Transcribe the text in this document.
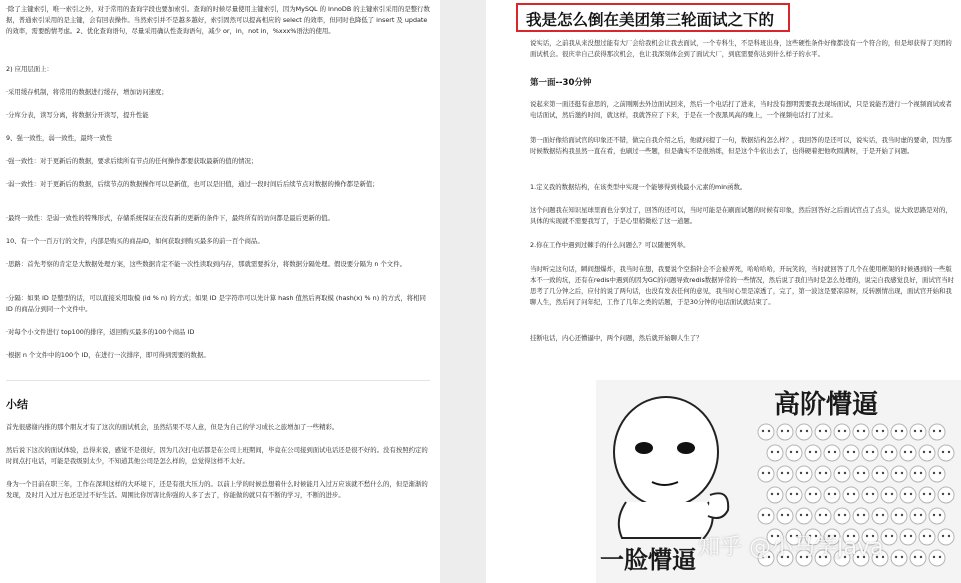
·除了主键索引，唯一索引之外，对于常用的查询字段也要加索引。查询的时候尽量使用主键索引，因为MySQL 的 InnoDB 的主键索引采用的是整行数据，普通索引采用的是主键，会有回表操作。当然索引并不是越多越好，索引固然可以提高相应的 select 的效率，但同时也降低了 insert 及 update 的效率，需要酌情考虑。2、优化查询语句，尽量采用确认性查询语句，减少 or，in，not in，%xxx%语法的使用。

2) 应用层面上：

·采用缓存机制，将常用的数据进行缓存，增加访问速度；

·分库分表，读写分离，将数据分开读写，提升性能

9、强一致性，弱一致性，最终一致性

·强一致性：对于更新后的数据，要求后续所有节点的任何操作都要获取最新的值的情况；

·弱一致性：对于更新后的数据，后续节点的数据操作可以是新值，也可以是旧值，通过一段时间后后续节点对数据的操作都是新值；

·最终一致性：是弱一致性的特殊形式，存储系统保证在没有新的更新的条件下，最终所有的访问都是最后更新的值。

10、有一个一百万行的文件，内部是购买的商品ID，如何获取到购买最多的前一百个商品。

·思路：首先考察的肯定是大数据处理方案，这些数据肯定不能一次性读取到内存，那就需要拆分，将数据分隔处理。假设要分隔为 n 个文件。

·分隔：如果 ID 是整型的话，可以直接采用取模 (id % n) 的方式；如果 ID 是字符串可以先计算 hash 值然后再取模 (hash(x) % n) 的方式，将相同 ID 的商品分到同一个文件中。

·对每个小文件进行 top100的排序，返回购买最多的100个商品 ID

·根据 n 个文件中的100个 ID，在进行一次排序，即可得到需要的数据。

小结

首先很感谢内推的那个朋友才有了这次的面试机会，虽然结果不尽人意，但是为自己的学习成长之旅增加了一些精彩。

然后说下这次的面试体验，总得来说，感觉不是很好，因为几次打电话都是在公司上班期间，毕竟在公司接到面试电话还是很不好的。没有按照约定的时间点打电话，可能是我级别太少，不知道其他公司是怎么样的，总觉得这样不太好。

身为一个目前在职三年，工作在深圳这样的大环境下，还是有很大压力的。以前上学的时候总想着什么时候能月入过万应该就不愁什么的，但是渐渐的发现，及时月入过万也还是过不好生活。周围比你厉害比你强的人多了去了，你能做的就只有不断的学习，不断的进步。

我是怎么倒在美团第三轮面试之下的

说实话，之前我从来没想过能有大厂会给我机会让我去面试，一个专科生，不是科班出身，这些硬性条件好像都没有一个符合的，但是却获得了美团的面试机会。很庆幸自己获得那次机会，也让我深刻体会到了面试大厂，到底需要你达到什么样子的水平。

第一面--30分钟

说起来第一面还挺有意思的，之前刚刚去外边面试回来，然后一个电话打了进来，当时没有想明需要我去现场面试，只是说能否进行一个视频面试或者电话面试，然后邀约时间，就这样，我就答应了下来，于是在一个夜黑风高的晚上，一个视频电话打了过来。

第一面好像给面试官的印象还不错，做完自我介绍之后，他就问提了一句，数据结构怎么样？，我回答的是还可以，说实话，我当时虚的要命，因为那时候数据结构我虽然一直在看，也刷过一些题，但是确实不是很熟练，但是这个牛依出去了，也得硬着把他吹圆满呀，于是开始了问题。

1.定义我的数据结构，在该类型中实现一个能够得到栈最小元素的min函数。

这个问题我在知识星球里面也分享过了，回答的还可以，当时可能是在刷面试题的时候有印象，然后回答好之后面试官点了点头，说大致思路是对的，具体的实现就不需要我写了，于是心里稍微松了这一道题。

2.你在工作中遇到过棘手的什么问题么？可以随便列举。

当时听完这句话，瞬间想爆炸，我当时在想，我要说个空指针会不会被弄死，哈哈哈哈，开玩笑的，当时就回答了几个在使用框架的时候遇到的一些版本不一致的坑，还有在redis中遇到的因为GC的问题导致redis数据异常的一些情况，然后说了我们当时是怎么处理的，说完自我感觉良好，面试官当时思考了几分钟之后，应付的说了两句话，也没有发表任何的意见，我当时心里是凉透了，完了，第一波这是要凉凉呀，反转剧情出现，面试官开始和我聊人生，然后问了问年纪，工作了几年之类的话题，于是30分钟的电话面试就结束了。

挂断电话，内心还懵逼中，两个问题，然后就开始聊人生了？

高阶懵逼
一脸懵逼 知乎 @小马学Java
